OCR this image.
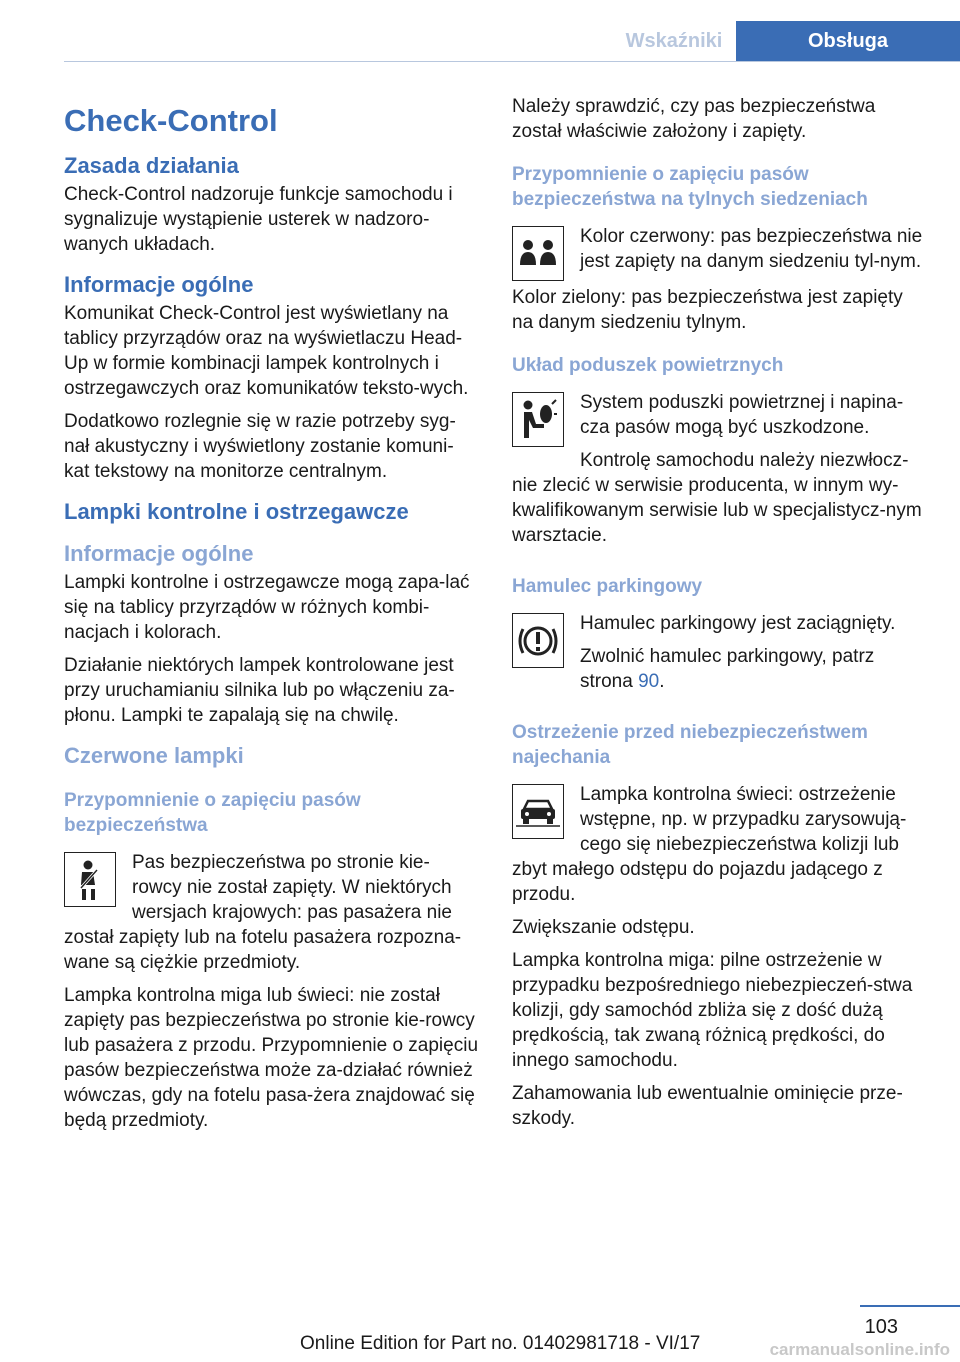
Wskaźniki	Obsługa
Check-Control
Zasada działania

Check-Control nadzoruje funkcje samochodu i sygnalizuje wystąpienie usterek w nadzoro-wanych układach.

Informacje ogólne

Komunikat Check-Control jest wyświetlany na tablicy przyrządów oraz na wyświetlaczu Head-Up w formie kombinacji lampek kontrolnych i ostrzegawczych oraz komunikatów teksto-wych.

Dodatkowo rozlegnie się w razie potrzeby syg-nał akustyczny i wyświetlony zostanie komuni-kat tekstowy na monitorze centralnym.

Lampki kontrolne i ostrzegawcze
Informacje ogólne

Lampki kontrolne i ostrzegawcze mogą zapa-lać się na tablicy przyrządów w różnych kombi-nacjach i kolorach.

Działanie niektórych lampek kontrolowane jest przy uruchamianiu silnika lub po włączeniu za-płonu. Lampki te zapalają się na chwilę.

Czerwone lampki
Przypomnienie o zapięciu pasów bezpieczeństwa

Pas bezpieczeństwa po stronie kie-rowcy nie został zapięty. W niektórych wersjach krajowych: pas pasażera nie został zapięty lub na fotelu pasażera rozpozna-wane są ciężkie przedmioty.

Lampka kontrolna miga lub świeci: nie został zapięty pas bezpieczeństwa po stronie kie-rowcy lub pasażera z przodu. Przypomnienie o zapięciu pasów bezpieczeństwa może za-działać również wówczas, gdy na fotelu pasa-żera znajdować się będą przedmioty.

Należy sprawdzić, czy pas bezpieczeństwa został właściwie założony i zapięty.

Przypomnienie o zapięciu pasów bezpieczeństwa na tylnych siedzeniach

Kolor czerwony: pas bezpieczeństwa nie jest zapięty na danym siedzeniu tyl-nym.

Kolor zielony: pas bezpieczeństwa jest zapięty na danym siedzeniu tylnym.

Układ poduszek powietrznych

System poduszki powietrznej i napina-cza pasów mogą być uszkodzone.

Kontrolę samochodu należy niezwłocz-nie zlecić w serwisie producenta, w innym wy-kwalifikowanym serwisie lub w specjalistycz-nym warsztacie.

Hamulec parkingowy

Hamulec parkingowy jest zaciągnięty.

Zwolnić hamulec parkingowy, patrz strona 90.

Ostrzeżenie przed niebezpieczeństwem najechania

Lampka kontrolna świeci: ostrzeżenie wstępne, np. w przypadku zarysowują-cego się niebezpieczeństwa kolizji lub zbyt małego odstępu do pojazdu jadącego z przodu.

Zwiększanie odstępu.

Lampka kontrolna miga: pilne ostrzeżenie w przypadku bezpośredniego niebezpieczeń-stwa kolizji, gdy samochód zbliża się z dość dużą prędkością, tak zwaną różnicą prędkości, do innego samochodu.

Zahamowania lub ewentualnie ominięcie prze-szkody.

103
Online Edition for Part no. 01402981718 - VI/17	carmanualsonline.info
